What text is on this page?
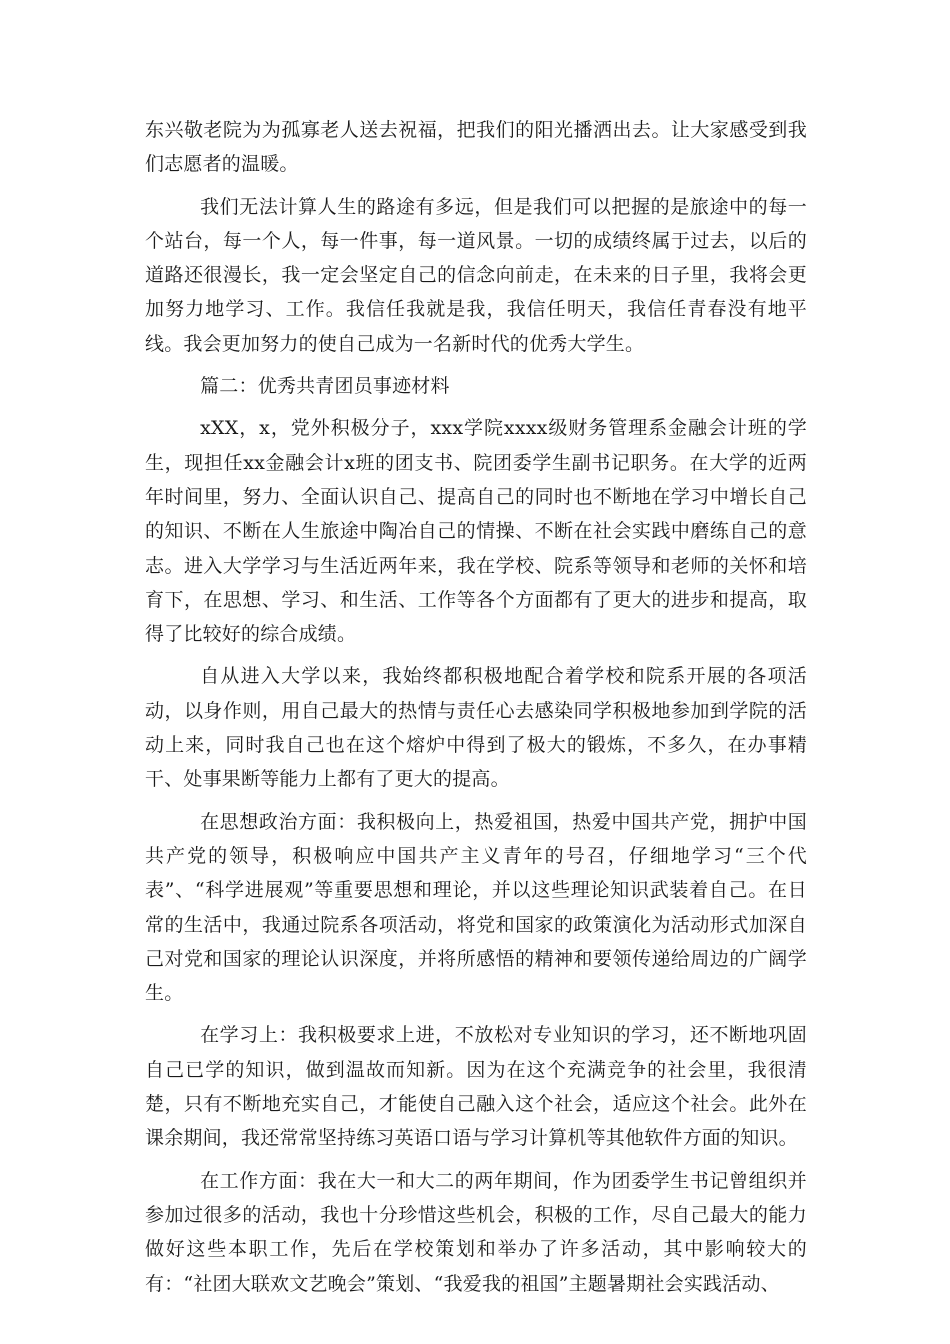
东兴敬老院为为孤寡老人送去祝福，把我们的阳光播洒出去。让大家感受到我们志愿者的温暖。

我们无法计算人生的路途有多远，但是我们可以把握的是旅途中的每一个站台，每一个人，每一件事，每一道风景。一切的成绩终属于过去，以后的道路还很漫长，我一定会坚定自己的信念向前走，在未来的日子里，我将会更加努力地学习、工作。我信任我就是我，我信任明天，我信任青春没有地平线。我会更加努力的使自己成为一名新时代的优秀大学生。

篇二：优秀共青团员事迹材料

xXX，x，党外积极分子，xxx学院xxxx级财务管理系金融会计班的学生，现担任xx金融会计x班的团支书、院团委学生副书记职务。在大学的近两年时间里，努力、全面认识自己、提高自己的同时也不断地在学习中增长自己的知识、不断在人生旅途中陶冶自己的情操、不断在社会实践中磨练自己的意志。进入大学学习与生活近两年来，我在学校、院系等领导和老师的关怀和培育下，在思想、学习、和生活、工作等各个方面都有了更大的进步和提高，取得了比较好的综合成绩。

自从进入大学以来，我始终都积极地配合着学校和院系开展的各项活动，以身作则，用自己最大的热情与责任心去感染同学积极地参加到学院的活动上来，同时我自己也在这个熔炉中得到了极大的锻炼，不多久，在办事精干、处事果断等能力上都有了更大的提高。

在思想政治方面：我积极向上，热爱祖国，热爱中国共产党，拥护中国共产党的领导，积极响应中国共产主义青年的号召，仔细地学习“三个代表”、“科学进展观”等重要思想和理论，并以这些理论知识武装着自己。在日常的生活中，我通过院系各项活动，将党和国家的政策演化为活动形式加深自己对党和国家的理论认识深度，并将所感悟的精神和要领传递给周边的广阔学生。

在学习上：我积极要求上进，不放松对专业知识的学习，还不断地巩固自己已学的知识，做到温故而知新。因为在这个充满竞争的社会里，我很清楚，只有不断地充实自己，才能使自己融入这个社会，适应这个社会。此外在课余期间，我还常常坚持练习英语口语与学习计算机等其他软件方面的知识。

在工作方面：我在大一和大二的两年期间，作为团委学生书记曾组织并参加过很多的活动，我也十分珍惜这些机会，积极的工作，尽自己最大的能力做好这些本职工作，先后在学校策划和举办了许多活动，其中影响较大的有：“社团大联欢文艺晚会”策划、“我爱我的祖国”主题暑期社会实践活动、
